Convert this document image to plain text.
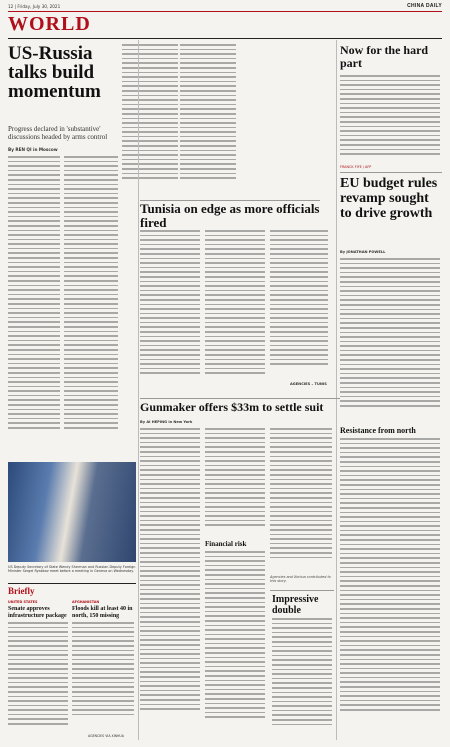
12 | Friday, July 30, 2021	CHINA DAILY
WORLD
US-Russia talks build momentum
Progress declared in 'substantive' discussions headed by arms control
By REN QI in Moscow
US Deputy Secretary of State Wendy Sherman and Russian Deputy Foreign Minister Sergei Ryabkov meet before a meeting in Geneva on Wednesday.
Tunisia on edge as more officials fired
AGENCIES – TUNIS
Now for the hard part
FRANCK FIFE / AFP
EU budget rules revamp sought to drive growth
By JONATHAN POWELL
Resistance from north
Gunmaker offers $33m to settle suit
By AI HEPING in New York
Financial risk
Agencies and Xinhua contributed to this story.
Impressive double
Briefly
UNITED STATES
Senate approves infrastructure package
AFGHANISTAN
Floods kill at least 40 in north, 150 missing
AGENCIES VIA XINHUA
